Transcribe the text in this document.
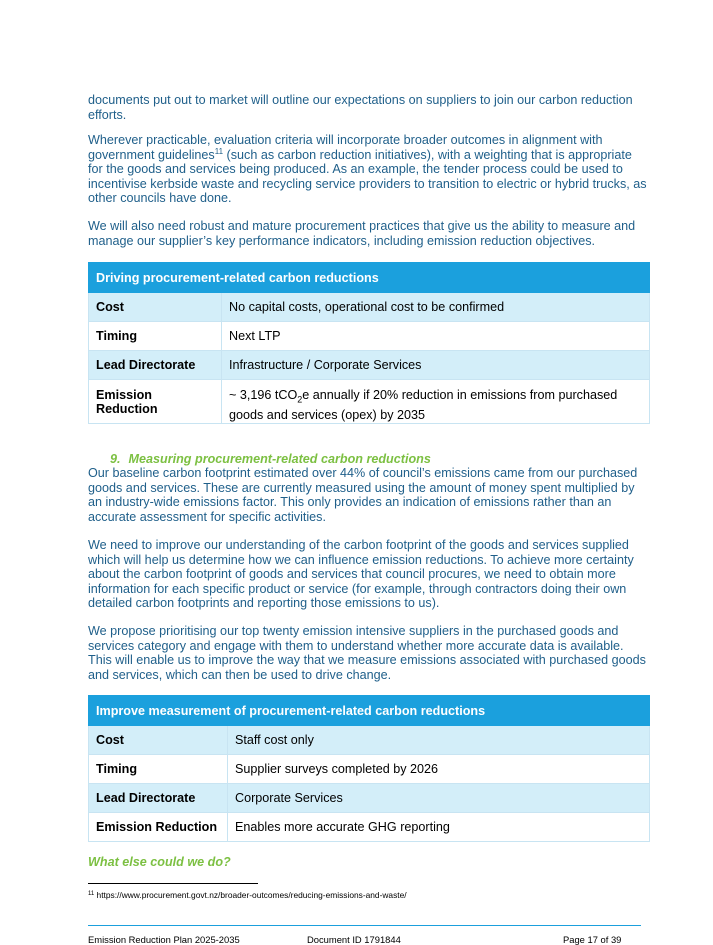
documents put out to market will outline our expectations on suppliers to join our carbon reduction efforts.

Wherever practicable, evaluation criteria will incorporate broader outcomes in alignment with government guidelines$^{11}$ (such as carbon reduction initiatives), with a weighting that is appropriate for the goods and services being produced. As an example, the tender process could be used to incentivise kerbside waste and recycling service providers to transition to electric or hybrid trucks, as other councils have done.

We will also need robust and mature procurement practices that give us the ability to measure and manage our supplier’s key performance indicators, including emission reduction objectives.

Driving procurement-related carbon reductions	
Cost	No capital costs, operational cost to be confirmed
Timing	Next LTP
Lead Directorate	Infrastructure / Corporate Services
Emission Reduction	~ 3,196 tCO$_2$e annually if 20% reduction in emissions from purchased goods and services (opex) by 2035

9. Measuring procurement-related carbon reductions

Our baseline carbon footprint estimated over 44% of council’s emissions came from our purchased goods and services. These are currently measured using the amount of money spent multiplied by an industry-wide emissions factor. This only provides an indication of emissions rather than an accurate assessment for specific activities.

We need to improve our understanding of the carbon footprint of the goods and services supplied which will help us determine how we can influence emission reductions. To achieve more certainty about the carbon footprint of goods and services that council procures, we need to obtain more information for each specific product or service (for example, through contractors doing their own detailed carbon footprints and reporting those emissions to us).

We propose prioritising our top twenty emission intensive suppliers in the purchased goods and services category and engage with them to understand whether more accurate data is available. This will enable us to improve the way that we measure emissions associated with purchased goods and services, which can then be used to drive change.

Improve measurement of procurement-related carbon reductions	
Cost	Staff cost only
Timing	Supplier surveys completed by 2026
Lead Directorate	Corporate Services
Emission Reduction	Enables more accurate GHG reporting

What else could we do?

$^{11}$ https://www.procurement.govt.nz/broader-outcomes/reducing-emissions-and-waste/

Emission Reduction Plan 2025-2035	Document ID 1791844	Page 17 of 39
